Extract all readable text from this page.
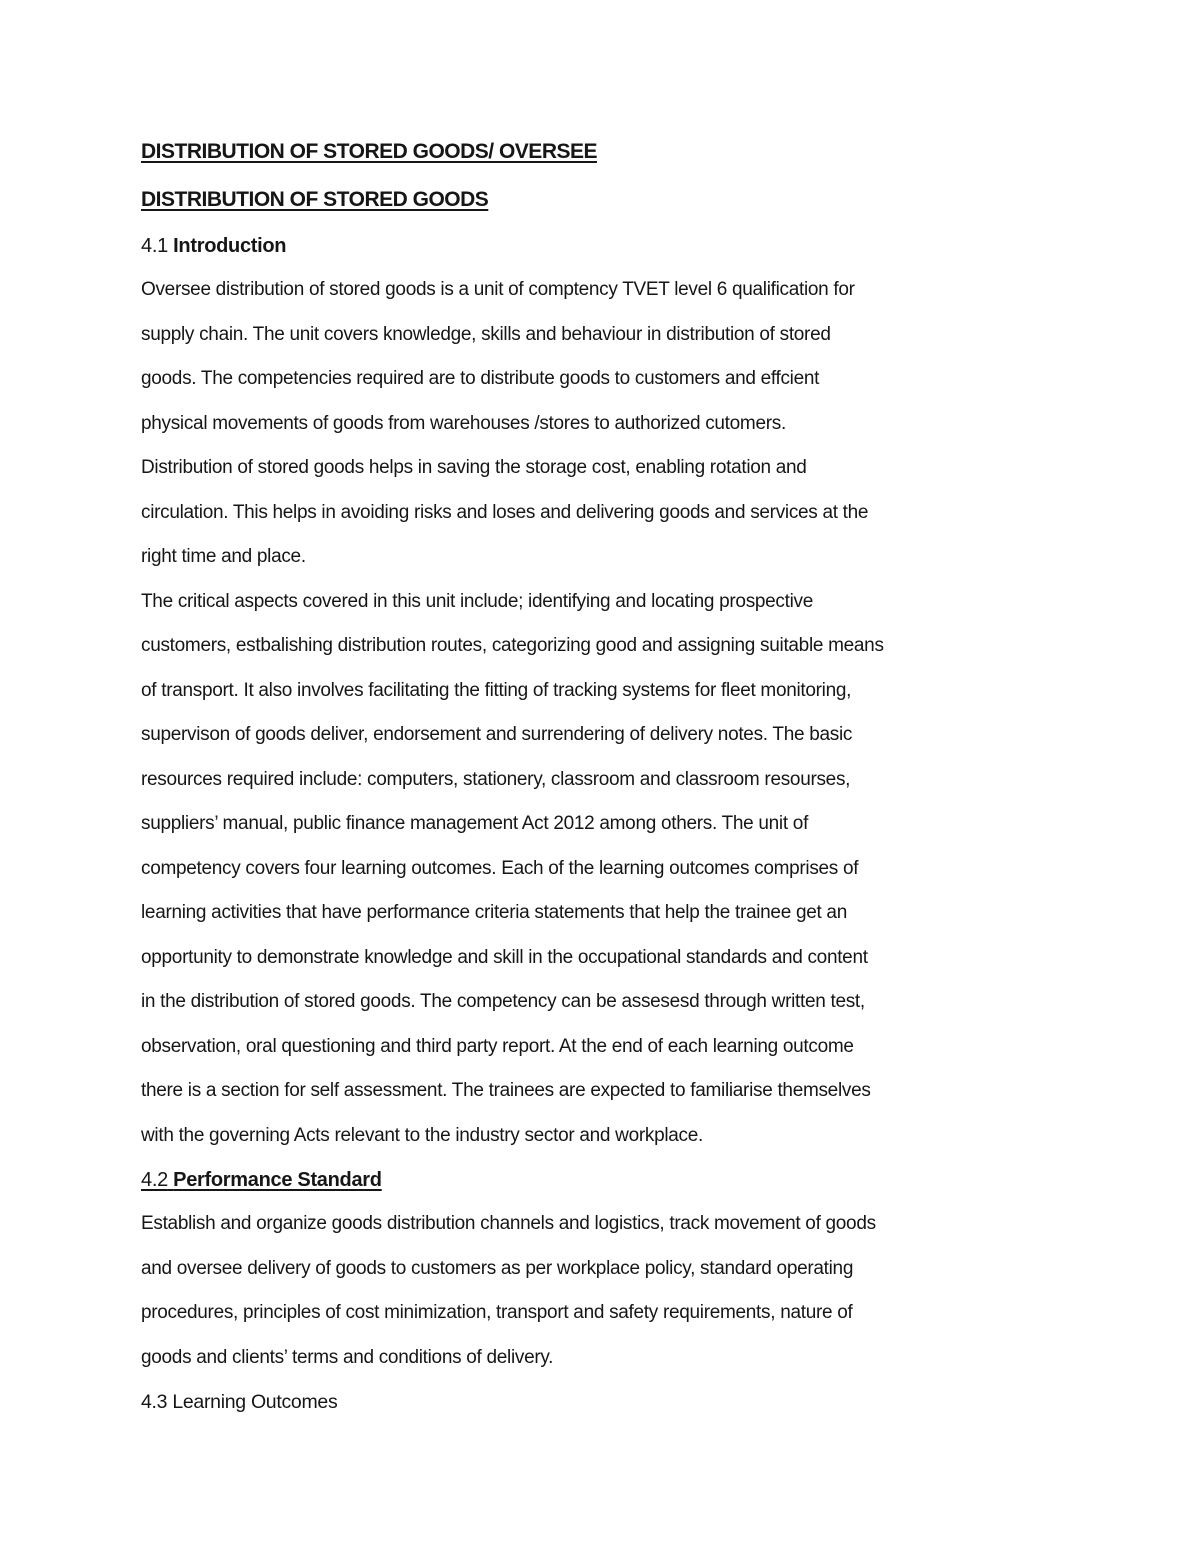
DISTRIBUTION OF STORED GOODS/ OVERSEE
DISTRIBUTION OF STORED GOODS
4.1 Introduction
Oversee distribution of stored goods is a unit of comptency TVET level 6 qualification for
supply chain. The unit covers knowledge, skills and behaviour in distribution of stored
goods. The competencies required are to distribute goods to customers and effcient
physical movements of goods from warehouses /stores to authorized cutomers.
Distribution of stored goods helps in saving the storage cost, enabling rotation and
circulation. This helps in avoiding risks and loses and delivering goods and services at the
right time and place.
The critical aspects covered in this unit include; identifying and locating prospective
customers, estbalishing distribution routes, categorizing good and assigning suitable means
of transport. It also involves facilitating the fitting of tracking systems for fleet monitoring,
supervison of goods deliver, endorsement and surrendering of delivery notes. The basic
resources required include: computers, stationery, classroom and classroom resourses,
suppliers’ manual, public finance management Act 2012 among others. The unit of
competency covers four learning outcomes. Each of the learning outcomes comprises of
learning activities that have performance criteria statements that help the trainee get an
opportunity to demonstrate knowledge and skill in the occupational standards and content
in the distribution of stored goods. The competency can be assesesd through written test,
observation, oral questioning and third party report. At the end of each learning outcome
there is a section for self assessment. The trainees are expected to familiarise themselves
with the governing Acts relevant to the industry sector and workplace.
4.2 Performance Standard
Establish and organize goods distribution channels and logistics, track movement of goods
and oversee delivery of goods to customers as per workplace policy, standard operating
procedures, principles of cost minimization, transport and safety requirements, nature of
goods and clients’ terms and conditions of delivery.
4.3 Learning Outcomes
